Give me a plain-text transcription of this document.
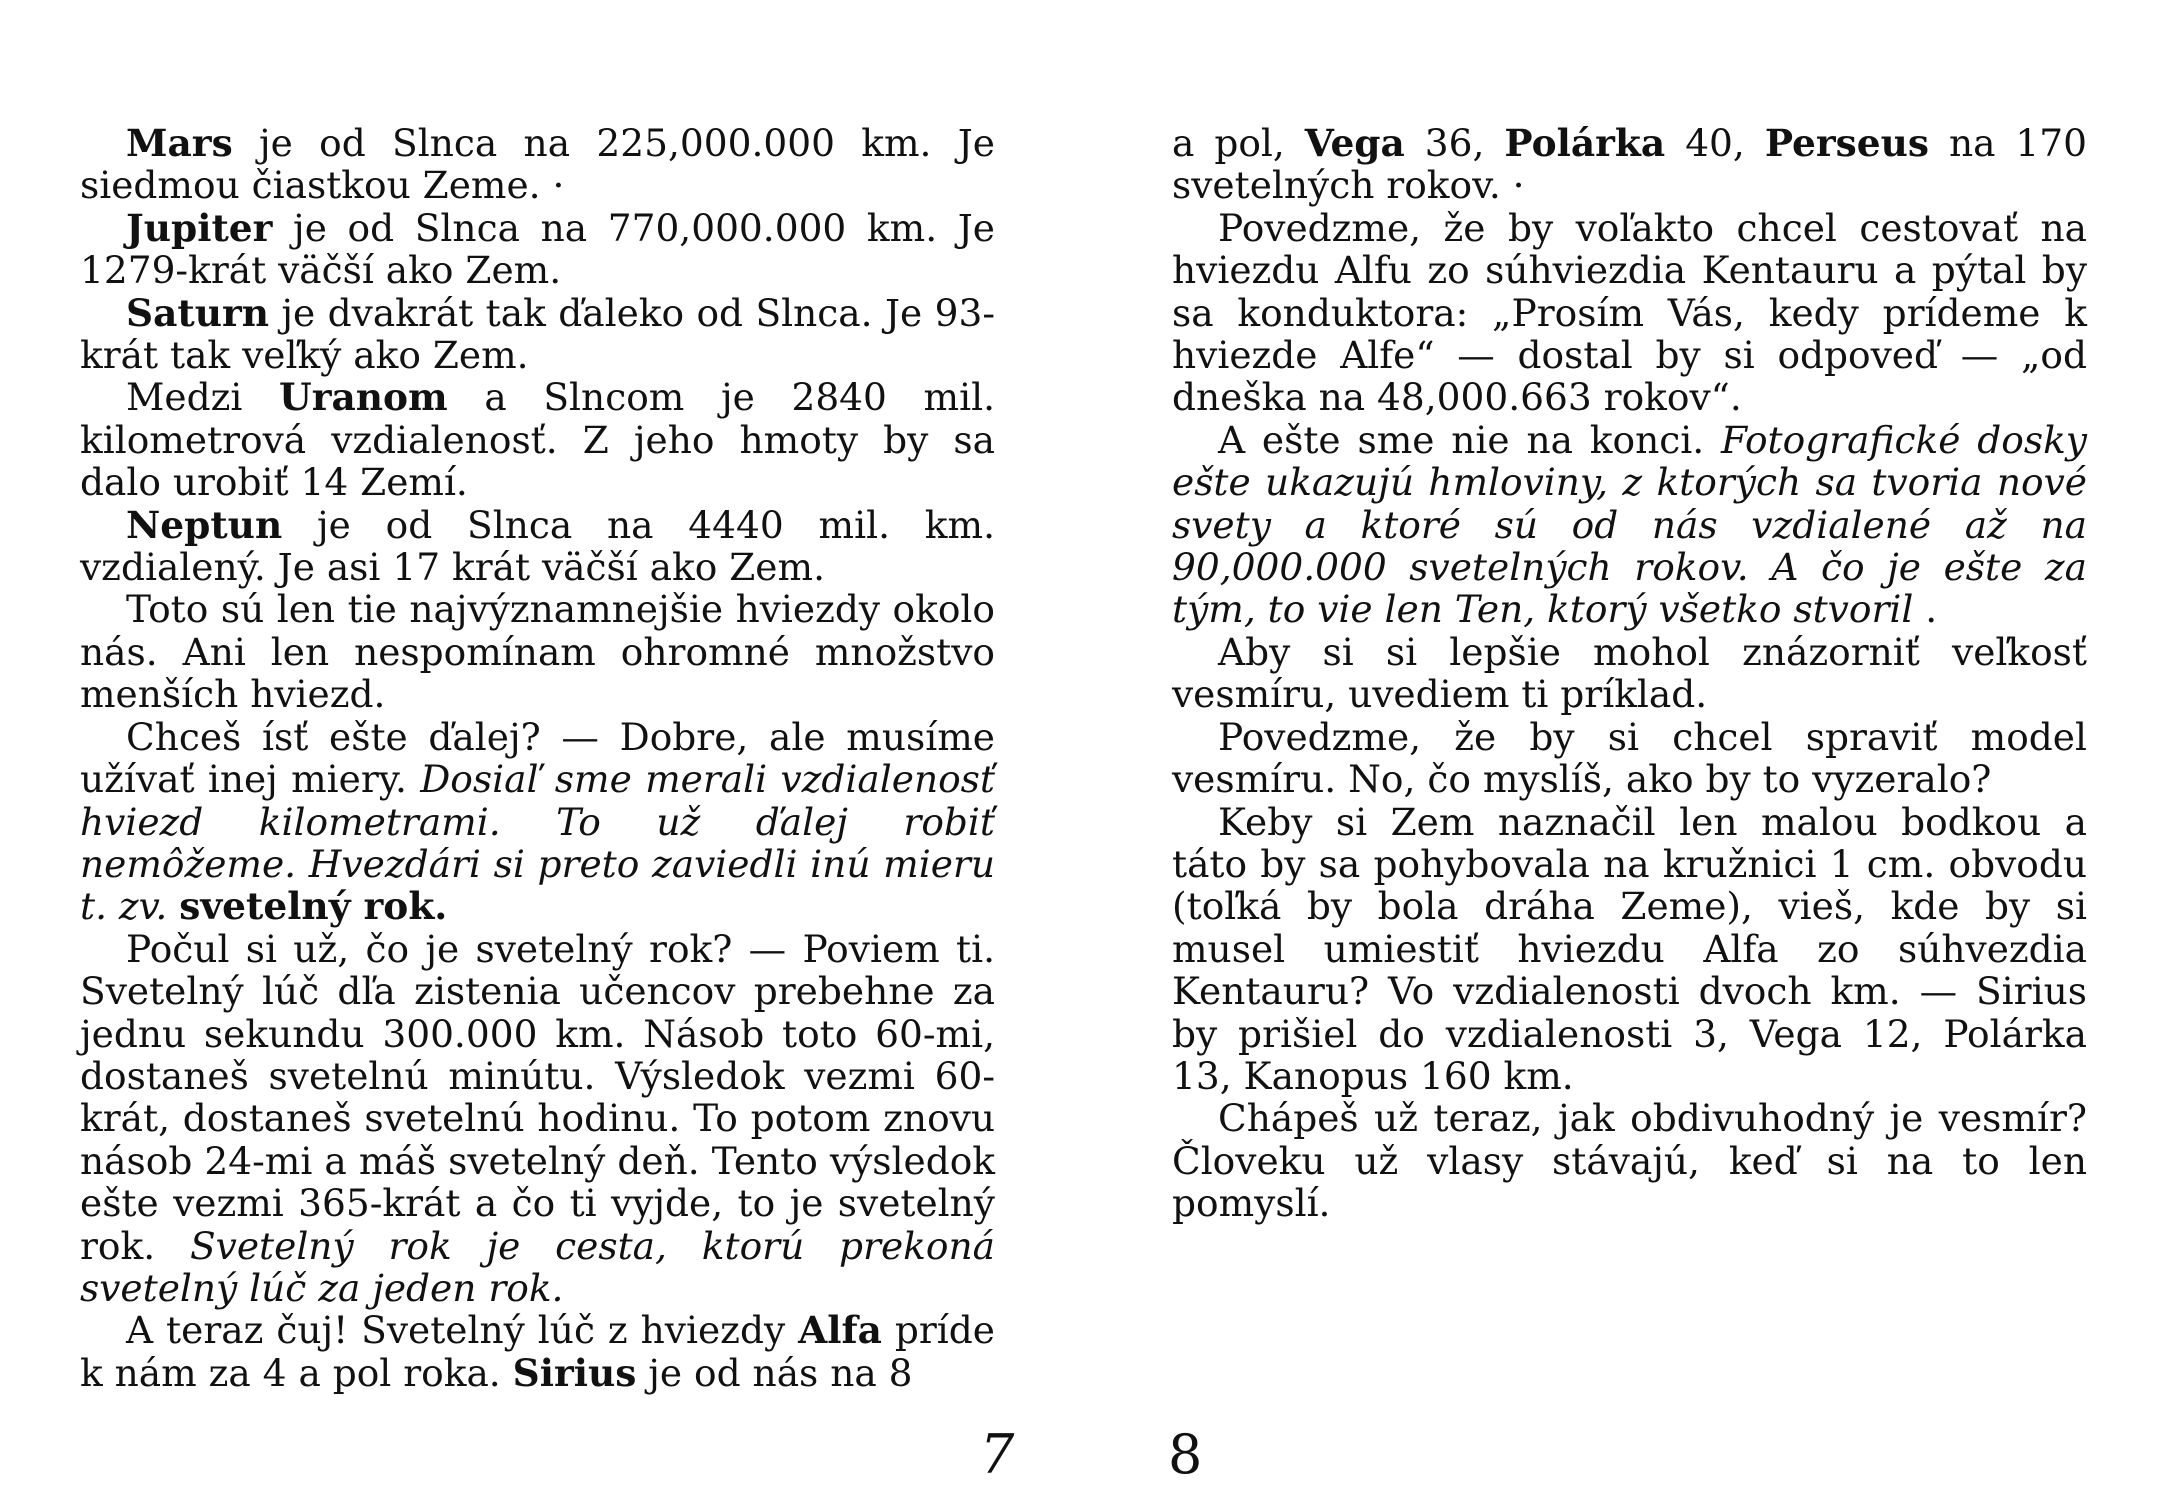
Mars je od Slnca na 225,000.000 km. Je siedmou čiastkou Zeme. ·

Jupiter je od Slnca na 770,000.000 km. Je 1279-krát väčší ako Zem.

Saturn je dvakrát tak ďaleko od Slnca. Je 93-krát tak veľký ako Zem.

Medzi Uranom a Slncom je 2840 mil. kilometrová vzdialenosť. Z jeho hmoty by sa dalo urobiť 14 Zemí.

Neptun je od Slnca na 4440 mil. km. vzdialený. Je asi 17 krát väčší ako Zem.

Toto sú len tie najvýznamnejšie hviezdy okolo nás. Ani len nespomínam ohromné množstvo menších hviezd.

Chceš ísť ešte ďalej? — Dobre, ale musíme užívať inej miery. Dosiaľ sme merali vzdialenosť hviezd kilometrami. To už ďalej robiť nemôžeme. Hvezdári si preto zaviedli inú mieru t. zv. svetelný rok.

Počul si už, čo je svetelný rok? — Poviem ti. Svetelný lúč dľa zistenia učencov prebehne za jednu sekundu 300.000 km. Násob toto 60-mi, dostaneš svetelnú minútu. Výsledok vezmi 60-krát, dostaneš svetelnú hodinu. To potom znovu násob 24-mi a máš svetelný deň. Tento výsledok ešte vezmi 365-krát a čo ti vyjde, to je svetelný rok. Svetelný rok je cesta, ktorú prekoná svetelný lúč za jeden rok.

A teraz čuj! Svetelný lúč z hviezdy Alfa príde k nám za 4 a pol roka. Sirius je od nás na 8

a pol, Vega 36, Polárka 40, Perseus na 170 svetelných rokov. ·

Povedzme, že by voľakto chcel cestovať na hviezdu Alfu zo súhviezdia Kentauru a pýtal by sa konduktora: „Prosím Vás, kedy prídeme k hviezde Alfe“ — dostal by si odpoveď — „od dneška na 48,000.663 rokov“.

A ešte sme nie na konci. Fotografické dosky ešte ukazujú hmloviny, z ktorých sa tvoria nové svety a ktoré sú od nás vzdialené až na 90,000.000 svetelných rokov. A čo je ešte za tým, to vie len Ten, ktorý všetko stvoril .

Aby si si lepšie mohol znázorniť veľkosť vesmíru, uvediem ti príklad.

Povedzme, že by si chcel spraviť model vesmíru. No, čo myslíš, ako by to vyzeralo?

Keby si Zem naznačil len malou bodkou a táto by sa pohybovala na kružnici 1 cm. obvodu (toľká by bola dráha Zeme), vieš, kde by si musel umiestiť hviezdu Alfa zo súhvezdia Kentauru? Vo vzdialenosti dvoch km. — Sirius by prišiel do vzdialenosti 3, Vega 12, Polárka 13, Kanopus 160 km.

Chápeš už teraz, jak obdivuhodný je vesmír? Človeku už vlasy stávajú, keď si na to len pomyslí.

7	8
